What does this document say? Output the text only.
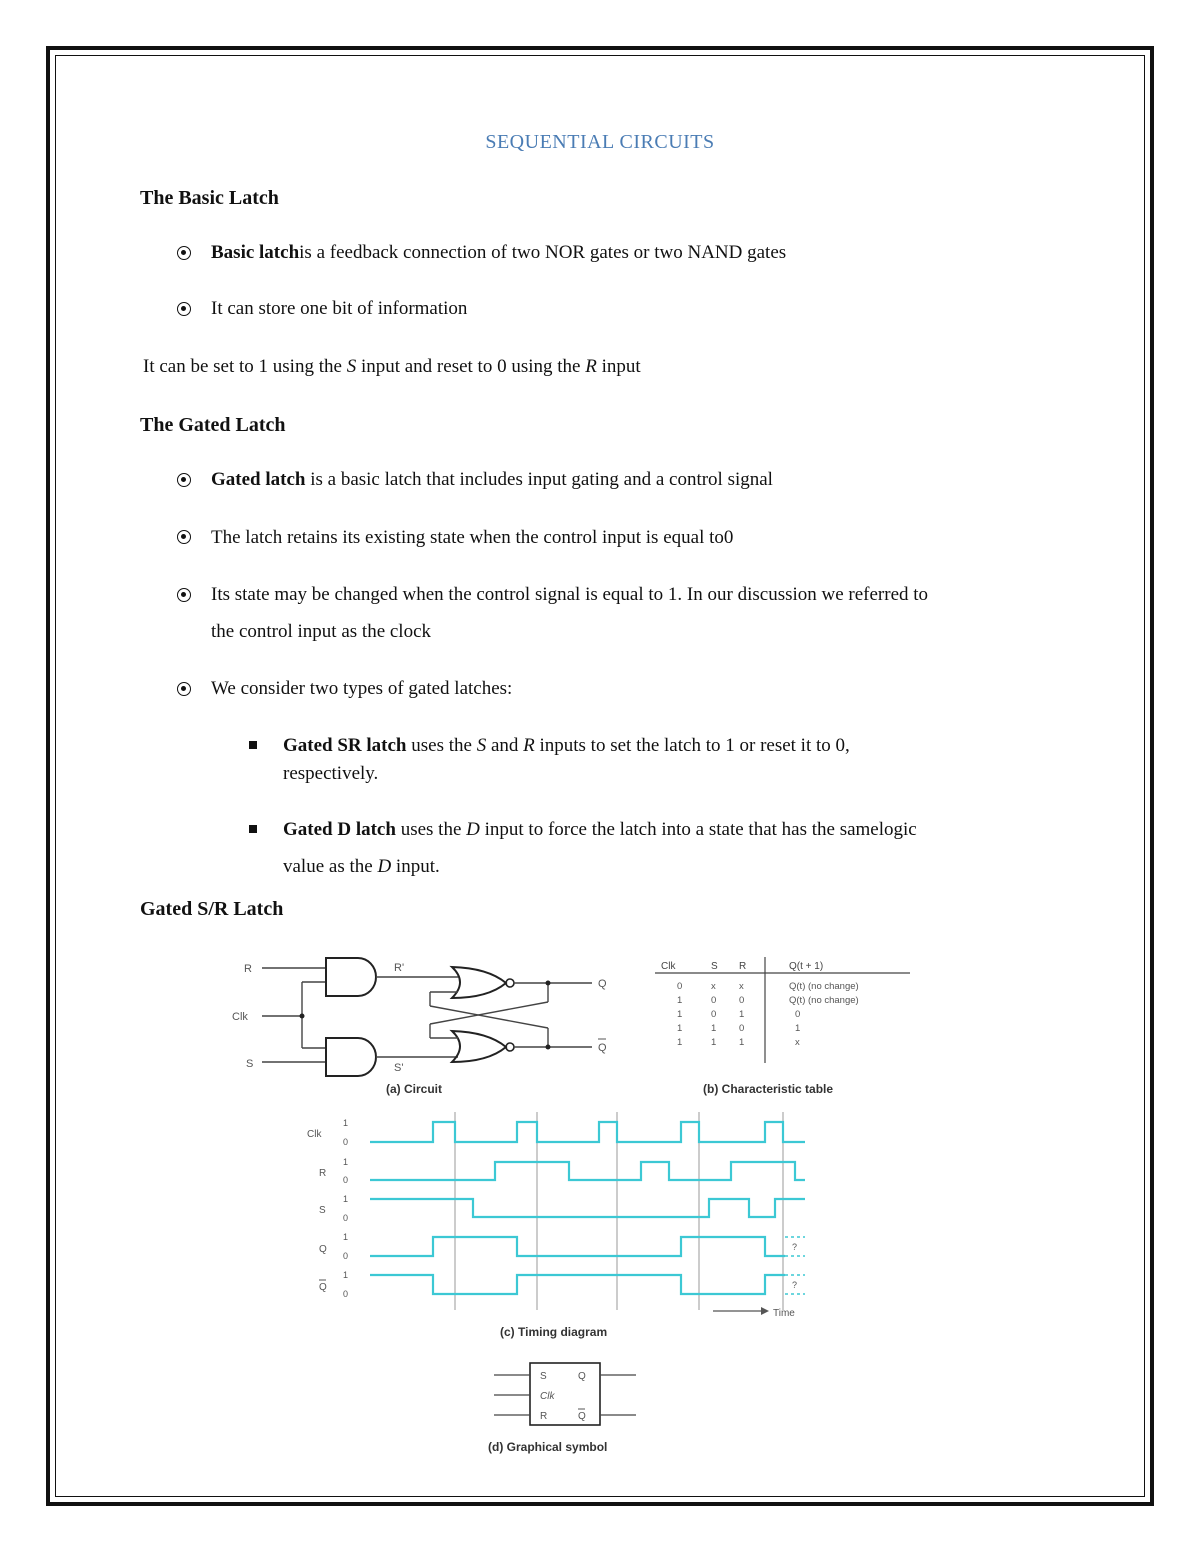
SEQUENTIAL CIRCUITS
The Basic Latch
Basic latchis a feedback connection of two NOR gates or two NAND gates
It can store one bit of information
It can be set to 1 using the S input and reset to 0 using the R input
The Gated Latch
Gated latch is a basic latch that includes input gating and a control signal
The latch retains its existing state when the control input is equal to0
Its state may be changed when the control signal is equal to 1. In our discussion we referred to
the control input as the clock
We consider two types of gated latches:
Gated SR latch uses the S and R inputs to set the latch to 1 or reset it to 0,
respectively.
Gated D latch uses the D input to force the latch into a state that has the samelogic
value as the D input.
Gated S/R Latch
R
Clk
S
R'
S'
Q
Q
(a) Circuit
Clk	S R	Q(t + 1)
0	x x	Q(t) (no change)
1	0 0	Q(t) (no change)
1	0 1	0
1	1 0	1
1	1 1	x
(b) Characteristic table
Clk
R
S
Q
Q
1
0
1
0
1
0
1
0
1
0
?
?
Time
(c) Timing diagram
S	Q
Clk
R	Q
(d) Graphical symbol
